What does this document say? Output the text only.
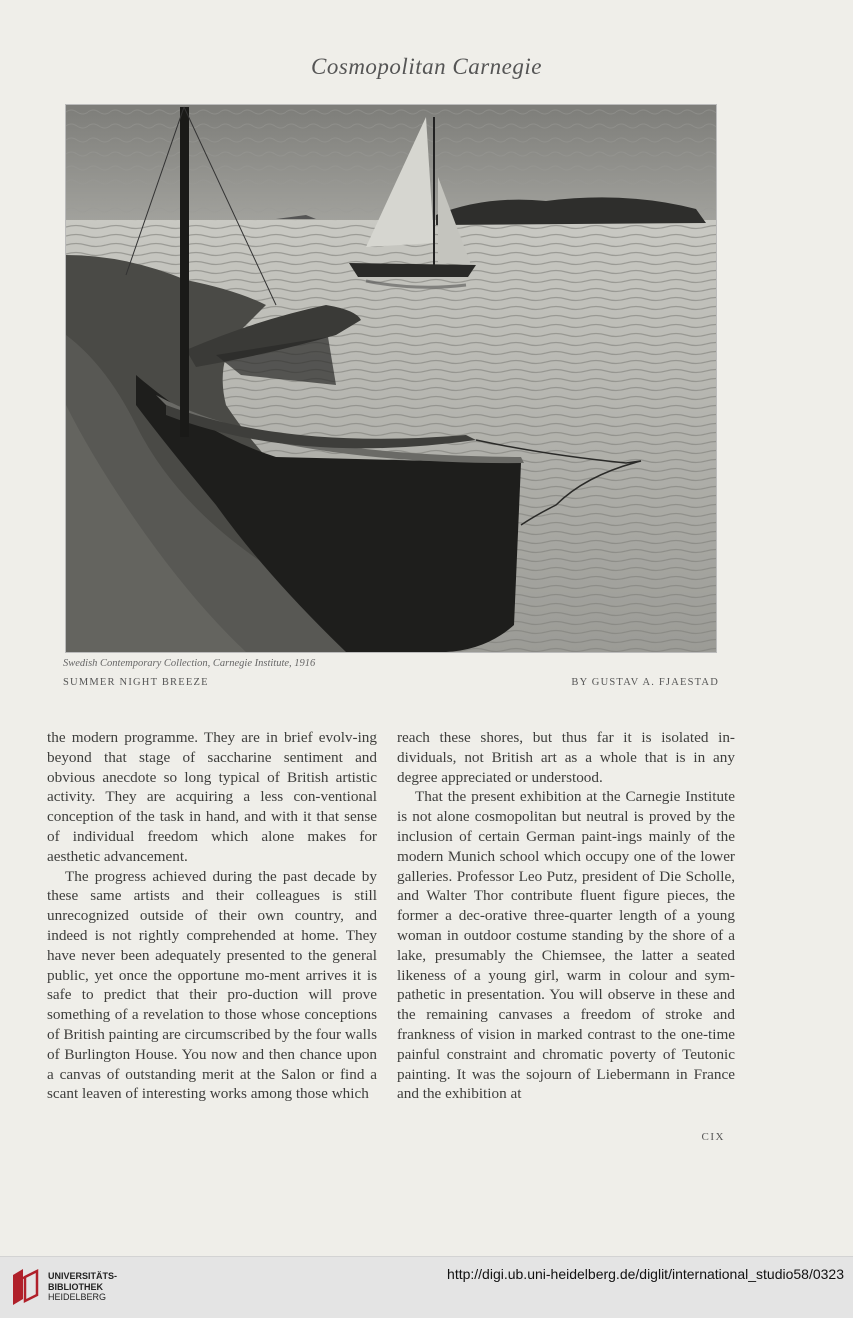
Cosmopolitan Carnegie
Swedish Contemporary Collection, Carnegie Institute, 1916
SUMMER NIGHT BREEZE	BY GUSTAV A. FJAESTAD

the modern programme. They are in brief evolv-ing beyond that stage of saccharine sentiment and obvious anecdote so long typical of British artistic activity. They are acquiring a less con-ventional conception of the task in hand, and with it that sense of individual freedom which alone makes for aesthetic advancement.

The progress achieved during the past decade by these same artists and their colleagues is still unrecognized outside of their own country, and indeed is not rightly comprehended at home. They have never been adequately presented to the general public, yet once the opportune mo-ment arrives it is safe to predict that their pro-duction will prove something of a revelation to those whose conceptions of British painting are circumscribed by the four walls of Burlington House. You now and then chance upon a canvas of outstanding merit at the Salon or find a scant leaven of interesting works among those which

reach these shores, but thus far it is isolated in-dividuals, not British art as a whole that is in any degree appreciated or understood.

That the present exhibition at the Carnegie Institute is not alone cosmopolitan but neutral is proved by the inclusion of certain German paint-ings mainly of the modern Munich school which occupy one of the lower galleries. Professor Leo Putz, president of Die Scholle, and Walter Thor contribute fluent figure pieces, the former a dec-orative three-quarter length of a young woman in outdoor costume standing by the shore of a lake, presumably the Chiemsee, the latter a seated likeness of a young girl, warm in colour and sym-pathetic in presentation. You will observe in these and the remaining canvases a freedom of stroke and frankness of vision in marked contrast to the one-time painful constraint and chromatic poverty of Teutonic painting. It was the sojourn of Liebermann in France and the exhibition at

CIX
UNIVERSITÄTS-
BIBLIOTHEK
HEIDELBERG
http://digi.ub.uni-heidelberg.de/diglit/international_studio58/0323
